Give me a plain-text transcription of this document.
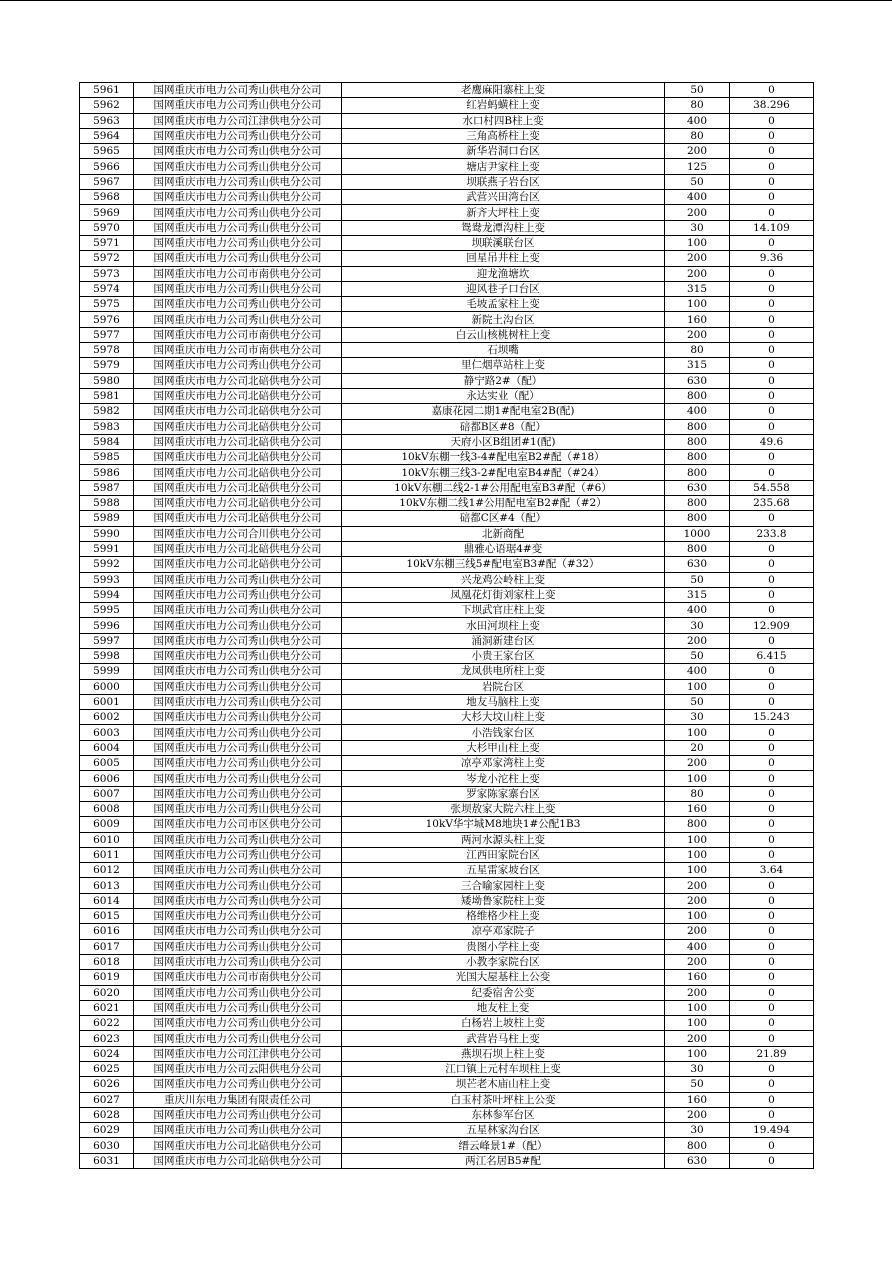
5961	国网重庆市电力公司秀山供电分公司	老鹰麻阳寨柱上变	50	0
5962	国网重庆市电力公司秀山供电分公司	红岩蚂蟥柱上变	80	38.296
5963	国网重庆市电力公司江津供电分公司	水口村四B柱上变	400	0
5964	国网重庆市电力公司秀山供电分公司	三角高桥柱上变	80	0
5965	国网重庆市电力公司秀山供电分公司	新华岩洞口台区	200	0
5966	国网重庆市电力公司秀山供电分公司	塘店尹家柱上变	125	0
5967	国网重庆市电力公司秀山供电分公司	坝联燕子岩台区	50	0
5968	国网重庆市电力公司秀山供电分公司	武营兴田湾台区	400	0
5969	国网重庆市电力公司秀山供电分公司	新齐大坪柱上变	200	0
5970	国网重庆市电力公司秀山供电分公司	鸳鸯龙潭沟柱上变	30	14.109
5971	国网重庆市电力公司秀山供电分公司	坝联溪联台区	100	0
5972	国网重庆市电力公司秀山供电分公司	回星吊井柱上变	200	9.36
5973	国网重庆市电力公司市南供电分公司	迎龙渔塘坎	200	0
5974	国网重庆市电力公司秀山供电分公司	迎风巷子口台区	315	0
5975	国网重庆市电力公司秀山供电分公司	毛坡孟家柱上变	100	0
5976	国网重庆市电力公司秀山供电分公司	新院土沟台区	160	0
5977	国网重庆市电力公司市南供电分公司	白云山核桃树柱上变	200	0
5978	国网重庆市电力公司市南供电分公司	石坝嘴	80	0
5979	国网重庆市电力公司秀山供电分公司	里仁烟草站柱上变	315	0
5980	国网重庆市电力公司北碚供电分公司	静宁路2#（配）	630	0
5981	国网重庆市电力公司北碚供电分公司	永达实业（配）	800	0
5982	国网重庆市电力公司北碚供电分公司	嘉康花园二期1#配电室2B(配)	400	0
5983	国网重庆市电力公司北碚供电分公司	碚都B区#8（配）	800	0
5984	国网重庆市电力公司北碚供电分公司	天府小区B组团#1(配)	800	49.6
5985	国网重庆市电力公司北碚供电分公司	10kV东棚一线3-4#配电室B2#配（#18）	800	0
5986	国网重庆市电力公司北碚供电分公司	10kV东棚三线3-2#配电室B4#配（#24）	800	0
5987	国网重庆市电力公司北碚供电分公司	10kV东棚二线2-1#公用配电室B3#配（#6）	630	54.558
5988	国网重庆市电力公司北碚供电分公司	10kV东棚二线1#公用配电室B2#配（#2）	800	235.68
5989	国网重庆市电力公司北碚供电分公司	碚都C区#4（配）	800	0
5990	国网重庆市电力公司合川供电分公司	北新商配	1000	233.8
5991	国网重庆市电力公司北碚供电分公司	鼎雅心语琚4#变	800	0
5992	国网重庆市电力公司北碚供电分公司	10kV东棚三线5#配电室B3#配（#32）	630	0
5993	国网重庆市电力公司秀山供电分公司	兴龙鸡公岭柱上变	50	0
5994	国网重庆市电力公司秀山供电分公司	凤凰花灯街刘家柱上变	315	0
5995	国网重庆市电力公司秀山供电分公司	下坝武官庄柱上变	400	0
5996	国网重庆市电力公司秀山供电分公司	水田河坝柱上变	30	12.909
5997	国网重庆市电力公司秀山供电分公司	涌洞新建台区	200	0
5998	国网重庆市电力公司秀山供电分公司	小贵王家台区	50	6.415
5999	国网重庆市电力公司秀山供电分公司	龙凤供电所柱上变	400	0
6000	国网重庆市电力公司秀山供电分公司	岩院台区	100	0
6001	国网重庆市电力公司秀山供电分公司	地友马脑柱上变	50	0
6002	国网重庆市电力公司秀山供电分公司	大杉大坟山柱上变	30	15.243
6003	国网重庆市电力公司秀山供电分公司	小浩钱家台区	100	0
6004	国网重庆市电力公司秀山供电分公司	大杉甲山柱上变	20	0
6005	国网重庆市电力公司秀山供电分公司	凉亭邓家湾柱上变	200	0
6006	国网重庆市电力公司秀山供电分公司	岑龙小沱柱上变	100	0
6007	国网重庆市电力公司秀山供电分公司	罗家陈家寨台区	80	0
6008	国网重庆市电力公司秀山供电分公司	张坝敖家大院六柱上变	160	0
6009	国网重庆市电力公司市区供电分公司	10kV华宇城M8地块1#公配1B3	800	0
6010	国网重庆市电力公司秀山供电分公司	两河水源头柱上变	100	0
6011	国网重庆市电力公司秀山供电分公司	江西田家院台区	100	0
6012	国网重庆市电力公司秀山供电分公司	五星雷家坡台区	100	3.64
6013	国网重庆市电力公司秀山供电分公司	三合喻家园柱上变	200	0
6014	国网重庆市电力公司秀山供电分公司	矮坳鲁家院柱上变	200	0
6015	国网重庆市电力公司秀山供电分公司	格维格少柱上变	100	0
6016	国网重庆市电力公司秀山供电分公司	凉亭邓家院子	200	0
6017	国网重庆市电力公司秀山供电分公司	贵图小学柱上变	400	0
6018	国网重庆市电力公司秀山供电分公司	小教李家院台区	200	0
6019	国网重庆市电力公司市南供电分公司	光国大屋基柱上公变	160	0
6020	国网重庆市电力公司秀山供电分公司	纪委宿舍公变	200	0
6021	国网重庆市电力公司秀山供电分公司	地友柱上变	100	0
6022	国网重庆市电力公司秀山供电分公司	白杨岩上坡柱上变	100	0
6023	国网重庆市电力公司秀山供电分公司	武营岩马柱上变	200	0
6024	国网重庆市电力公司江津供电分公司	燕坝石坝上柱上变	100	21.89
6025	国网重庆市电力公司云阳供电分公司	江口镇上元村车坝柱上变	30	0
6026	国网重庆市电力公司秀山供电分公司	坝芒老木庙山柱上变	50	0
6027	重庆川东电力集团有限责任公司	白玉村茶叶坪柱上公变	160	0
6028	国网重庆市电力公司秀山供电分公司	东林参军台区	200	0
6029	国网重庆市电力公司秀山供电分公司	五星林家沟台区	30	19.494
6030	国网重庆市电力公司北碚供电分公司	缙云峰景1#（配）	800	0
6031	国网重庆市电力公司北碚供电分公司	两江名居B5#配	630	0
